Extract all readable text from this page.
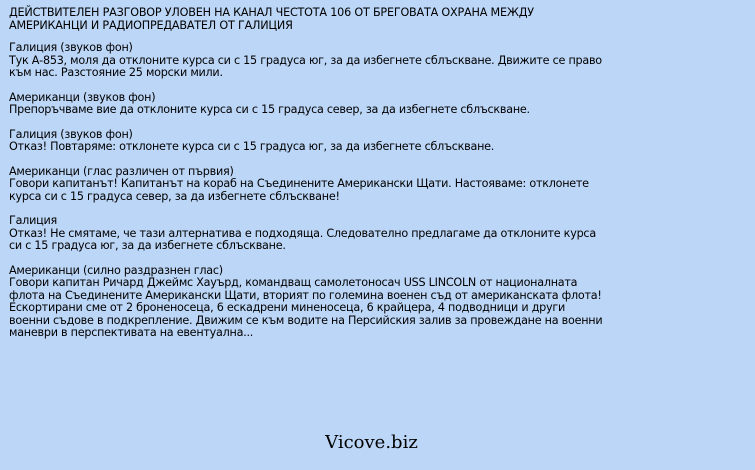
ДЕЙСТВИТЕЛЕН РАЗГОВОР УЛОВЕН НА КАНАЛ ЧЕСТОТА 106 ОТ БРЕГОВАТА ОХРАНА МЕЖДУ АМЕРИКАНЦИ И РАДИОПРЕДАВАТЕЛ ОТ ГАЛИЦИЯ
Галиция (звуков фон)
Тук А-853, моля да отклоните курса си с 15 градуса юг, за да избегнете сблъскване. Движите се право към нас. Разстояние 25 морски мили.
Американци (звуков фон)
Препоръчваме вие да отклоните курса си с 15 градуса север, за да избегнете сблъскване.
Галиция (звуков фон)
Отказ! Повтаряме: отклонете курса си с 15 градуса юг, за да избегнете сблъскване.
Американци (глас различен от първия)
Говори капитанът! Капитанът на кораб на Съединените Американски Щати. Настояваме: отклонете курса си с 15 градуса север, за да избегнете сблъскване!
Галиция
Отказ! Не смятаме, че тази алтернатива е подходяща. Следователно предлагаме да отклоните курса си с 15 градуса юг, за да избегнете сблъскване.
Американци (силно раздразнен глас)
Говори капитан Ричард Джеймс Хауърд, командващ самолетоносач USS LINCOLN от националната флота на Съединените Американски Щати, вторият по големина военен съд от американската флота! Ескортирани сме от 2 броненосеца, 6 ескадрени миненосеца, 6 крайцера, 4 подводници и други военни съдове в подкрепление. Движим се към водите на Персийския залив за провеждане на военни маневри в перспективата на евентуална...
Vicove.biz
